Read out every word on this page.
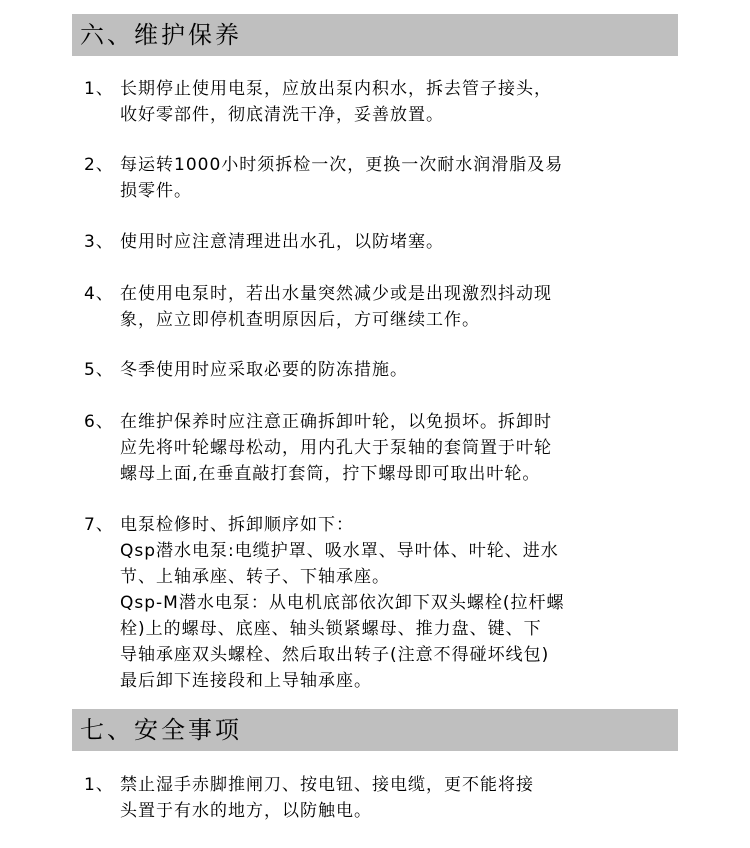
六、维护保养
1、 长期停止使用电泵，应放出泵内积水，拆去管子接头，
收好零部件，彻底清洗干净，妥善放置。
2、 每运转1000小时须拆检一次，更换一次耐水润滑脂及易
损零件。
3、 使用时应注意清理进出水孔，以防堵塞。
4、 在使用电泵时，若出水量突然减少或是出现激烈抖动现
象，应立即停机查明原因后，方可继续工作。
5、 冬季使用时应采取必要的防冻措施。
6、 在维护保养时应注意正确拆卸叶轮，以免损坏。拆卸时
应先将叶轮螺母松动，用内孔大于泵轴的套筒置于叶轮
螺母上面,在垂直敲打套筒，拧下螺母即可取出叶轮。
7、 电泵检修时、拆卸顺序如下：
Qsp潜水电泵:电缆护罩、吸水罩、导叶体、叶轮、进水
节、上轴承座、转子、下轴承座。
Qsp-M潜水电泵：从电机底部依次卸下双头螺栓(拉杆螺
栓)上的螺母、底座、轴头锁紧螺母、推力盘、键、下
导轴承座双头螺栓、然后取出转子(注意不得碰坏线包)
最后卸下连接段和上导轴承座。
七、安全事项
1、 禁止湿手赤脚推闸刀、按电钮、接电缆，更不能将接
头置于有水的地方，以防触电。
